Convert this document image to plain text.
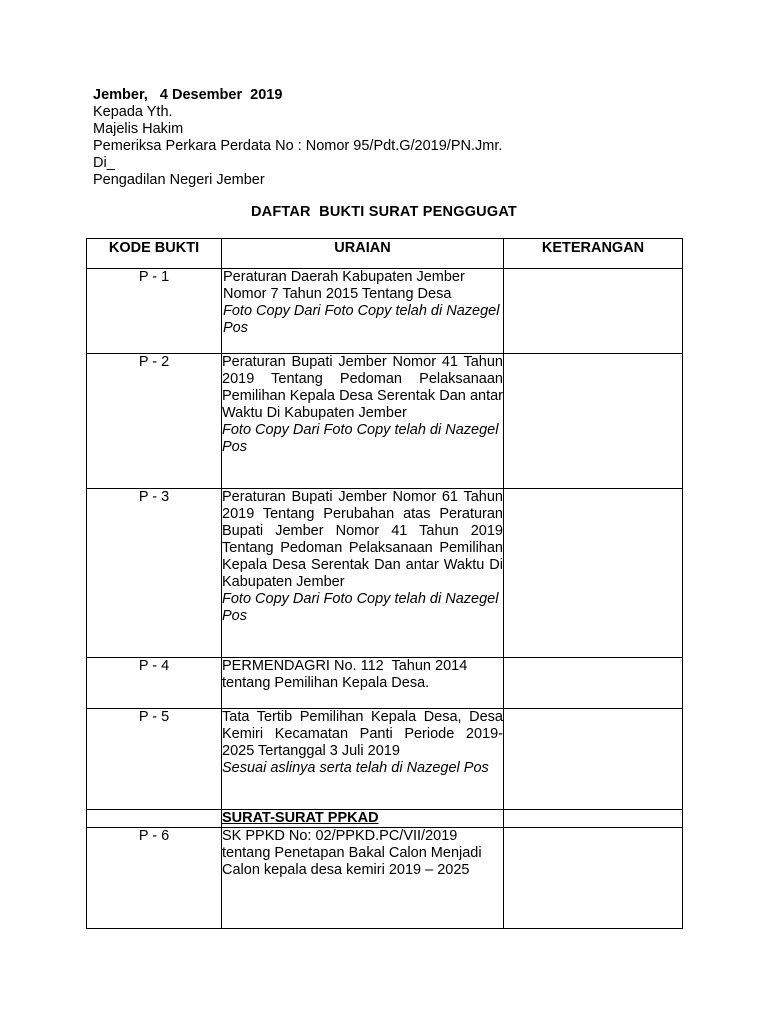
Jember,   4 Desember  2019
Kepada Yth.
Majelis Hakim
Pemeriksa Perkara Perdata No : Nomor 95/Pdt.G/2019/PN.Jmr.
Di_
Pengadilan Negeri Jember
DAFTAR  BUKTI SURAT PENGGUGAT
KODE BUKTI	URAIAN	KETERANGAN
P - 1	Peraturan Daerah Kabupaten Jember Nomor 7 Tahun 2015 Tentang Desa
Foto Copy Dari Foto Copy telah di Nazegel Pos	

P - 2	Peraturan Bupati Jember Nomor 41 Tahun 2019 Tentang Pedoman Pelaksanaan Pemilihan Kepala Desa Serentak Dan antar Waktu Di Kabupaten Jember
Foto Copy Dari Foto Copy telah di Nazegel Pos	

P - 3	Peraturan Bupati Jember Nomor 61 Tahun 2019 Tentang Perubahan atas Peraturan Bupati Jember Nomor 41 Tahun 2019 Tentang Pedoman Pelaksanaan Pemilihan Kepala Desa Serentak Dan antar Waktu Di Kabupaten Jember
Foto Copy Dari Foto Copy telah di Nazegel Pos	

P - 4	PERMENDAGRI No. 112  Tahun 2014 tentang Pemilihan Kepala Desa.	

P - 5	Tata Tertib Pemilihan Kepala Desa, Desa Kemiri Kecamatan Panti Periode 2019-2025 Tertanggal 3 Juli 2019
Sesuai aslinya serta telah di Nazegel Pos	

	SURAT-SURAT PPKAD	
P - 6	SK PPKD No: 02/PPKD.PC/VII/2019 tentang Penetapan Bakal Calon Menjadi Calon kepala desa kemiri 2019 – 2025	
